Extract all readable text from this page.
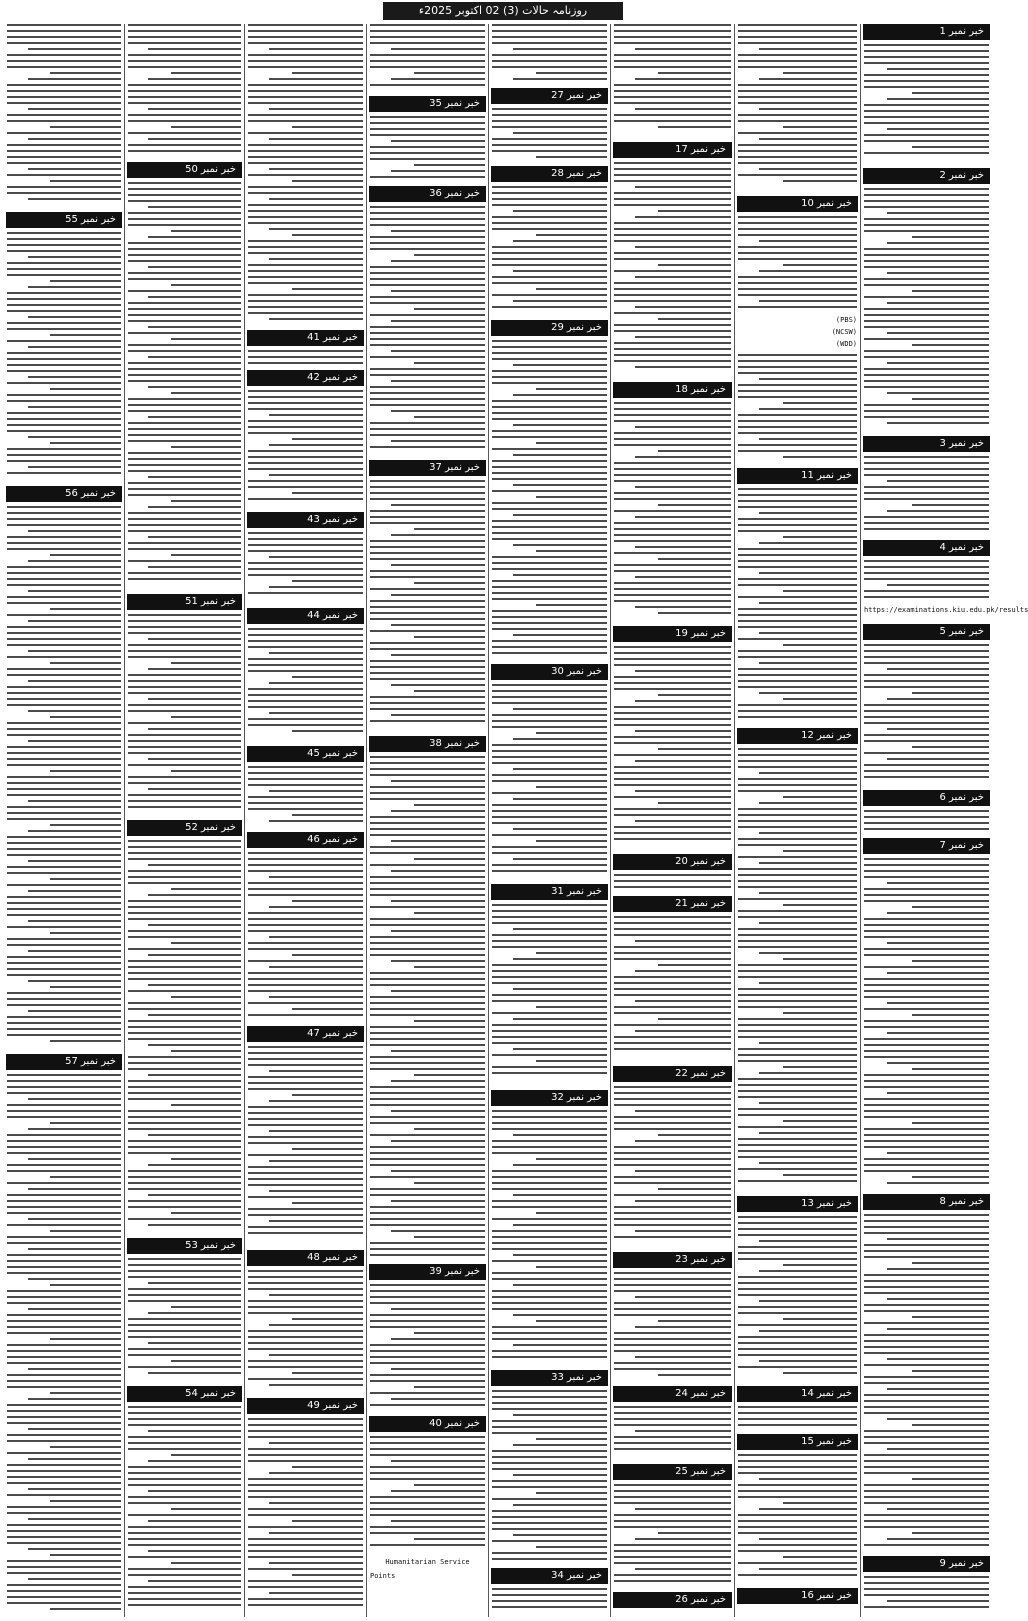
روزنامہ حالات (3) 02 اکتوبر 2025ء
خبر نمبر 55
خبر نمبر 56
خبر نمبر 57
خبر نمبر 50
خبر نمبر 51
خبر نمبر 52
خبر نمبر 53
خبر نمبر 54
خبر نمبر 41
خبر نمبر 42
خبر نمبر 43
خبر نمبر 44
خبر نمبر 45
خبر نمبر 46
خبر نمبر 47
خبر نمبر 48
خبر نمبر 49
خبر نمبر 35
خبر نمبر 36
خبر نمبر 37
خبر نمبر 38
خبر نمبر 39
خبر نمبر 40
Humanitarian Service
Points
خبر نمبر 27
خبر نمبر 28
خبر نمبر 29
خبر نمبر 30
خبر نمبر 31
خبر نمبر 32
خبر نمبر 33
خبر نمبر 34
خبر نمبر 17
خبر نمبر 18
خبر نمبر 19
خبر نمبر 20
خبر نمبر 21
خبر نمبر 22
خبر نمبر 23
خبر نمبر 24
خبر نمبر 25
خبر نمبر 26
خبر نمبر 10
(PBS)
(NCSW)
(WDD)
خبر نمبر 11
خبر نمبر 12
خبر نمبر 13
خبر نمبر 14
خبر نمبر 15
خبر نمبر 16
خبر نمبر 1
خبر نمبر 2
خبر نمبر 3
خبر نمبر 4
https://examinations.kiu.edu.pk/results
خبر نمبر 5
خبر نمبر 6
خبر نمبر 7
خبر نمبر 8
خبر نمبر 9
